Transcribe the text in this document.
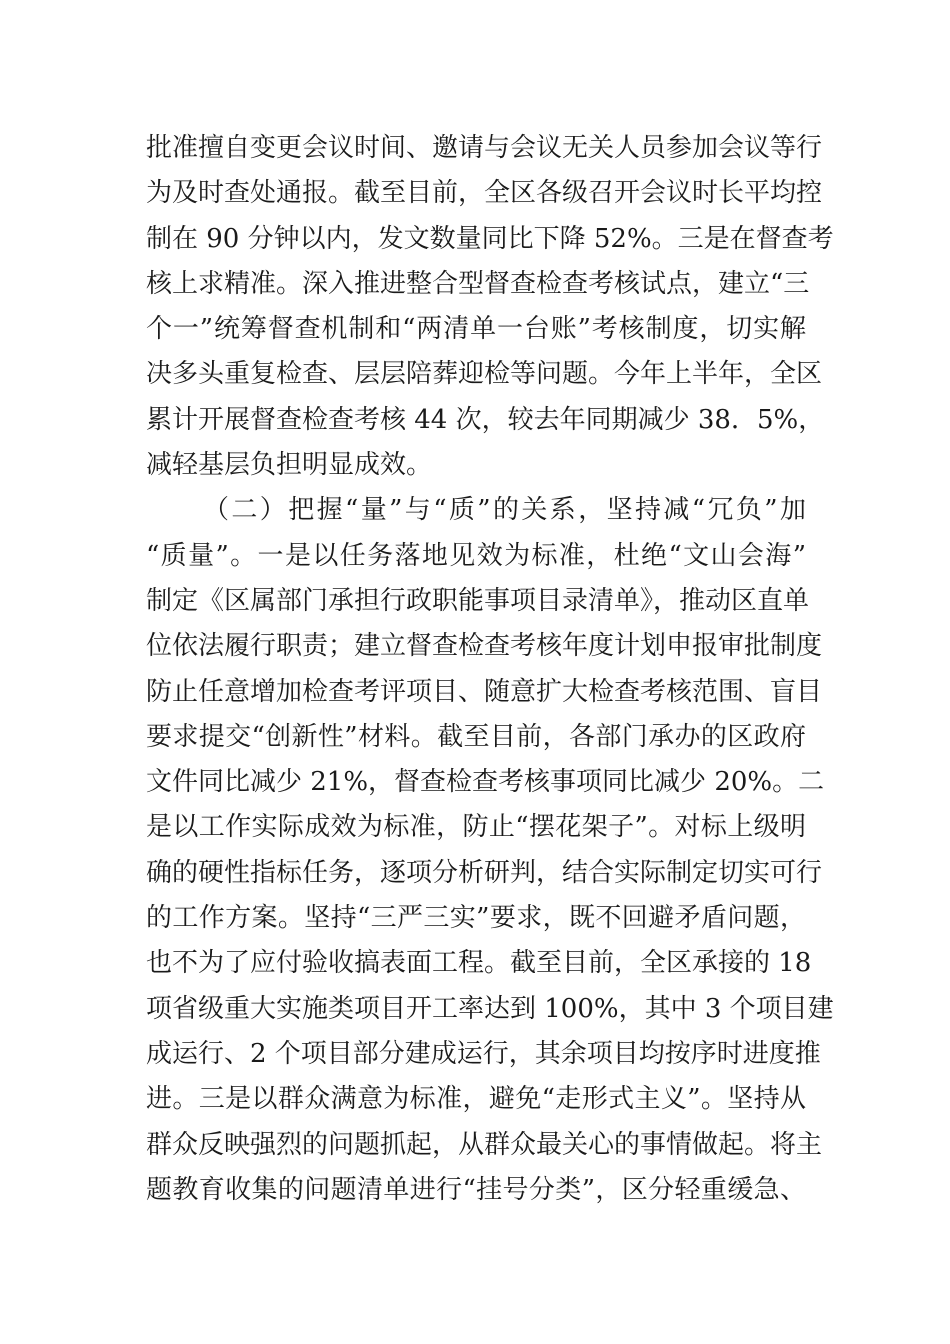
批准擅自变更会议时间、邀请与会议无关人员参加会议等行
为及时查处通报。截至目前，全区各级召开会议时长平均控
制在 90 分钟以内，发文数量同比下降 52%。三是在督查考
核上求精准。深入推进整合型督查检查考核试点，建立“三
个一”统筹督查机制和“两清单一台账”考核制度，切实解
决多头重复检查、层层陪葬迎检等问题。今年上半年，全区
累计开展督查检查考核 44 次，较去年同期减少 38．5%，
减轻基层负担明显成效。
（二）把握“量”与“质”的关系，坚持减“冗负”加
“质量”。一是以任务落地见效为标准，杜绝“文山会海”
制定《区属部门承担行政职能事项目录清单》，推动区直单
位依法履行职责；建立督查检查考核年度计划申报审批制度
防止任意增加检查考评项目、随意扩大检查考核范围、盲目
要求提交“创新性”材料。截至目前，各部门承办的区政府
文件同比减少 21%，督查检查考核事项同比减少 20%。二
是以工作实际成效为标准，防止“摆花架子”。对标上级明
确的硬性指标任务，逐项分析研判，结合实际制定切实可行
的工作方案。坚持“三严三实”要求，既不回避矛盾问题，
也不为了应付验收搞表面工程。截至目前，全区承接的 18
项省级重大实施类项目开工率达到 100%，其中 3 个项目建
成运行、2 个项目部分建成运行，其余项目均按序时进度推
进。三是以群众满意为标准，避免“走形式主义”。坚持从
群众反映强烈的问题抓起，从群众最关心的事情做起。将主
题教育收集的问题清单进行“挂号分类”，区分轻重缓急、
